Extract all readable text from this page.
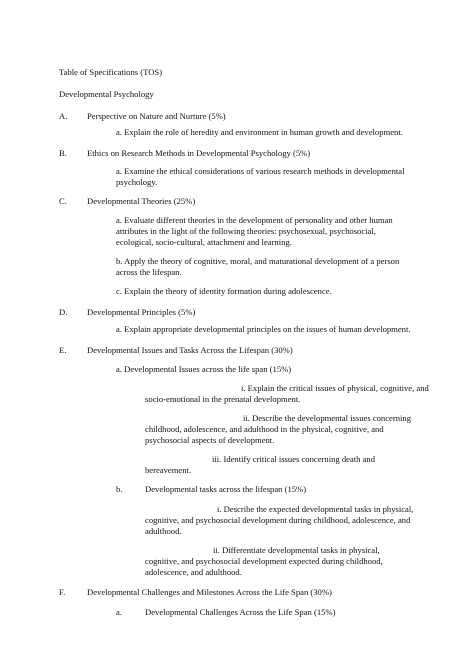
Table of Specifications (TOS)
Developmental Psychology
A. Perspective on Nature and Nurture (5%)
a. Explain the role of heredity and environment in human growth and development.
B. Ethics on Research Methods in Developmental Psychology (5%)
a. Examine the ethical considerations of various research methods in developmental
psychology.
C. Developmental Theories (25%)
a. Evaluate different theories in the development of personality and other human
attributes in the light of the following theories: psychosexual, psychosocial,
ecological, socio-cultural, attachment and learning.
b. Apply the theory of cognitive, moral, and maturational development of a person
across the lifespan.
c. Explain the theory of identity formation during adolescence.
D. Developmental Principles (5%)
a. Explain appropriate developmental principles on the issues of human development.
E. Developmental Issues and Tasks Across the Lifespan (30%)
a. Developmental Issues across the life span (15%)
i. Explain the critical issues of physical, cognitive, and
socio-emotional in the prenatal development.
ii. Describe the developmental issues concerning
childhood, adolescence, and adulthood in the physical, cognitive, and
psychosocial aspects of development.
iii. Identify critical issues concerning death and
bereavement.
b.	Developmental tasks across the lifespan (15%)
i. Describe the expected developmental tasks in physical,
cognitive, and psychosocial development during childhood, adolescence, and
adulthood.
ii. Differentiate developmental tasks in physical,
cognitive, and psychosocial development expected during childhood,
adolescence, and adulthood.
F.	Developmental Challenges and Milestones Across the Life Span (30%)
a.	Developmental Challenges Across the Life Span (15%)
